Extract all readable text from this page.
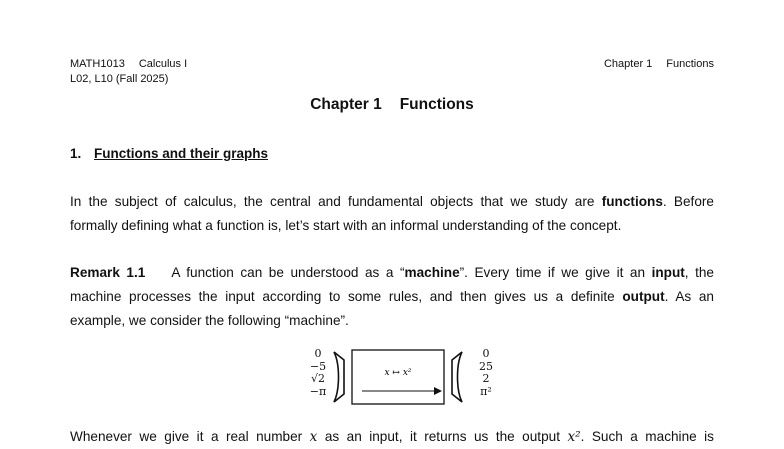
MATH1013 Calculus I
L02, L10 (Fall 2025)
Chapter 1 Functions
Chapter 1 Functions
1. Functions and their graphs
In the subject of calculus, the central and fundamental objects that we study are functions. Before
formally defining what a function is, let’s start with an informal understanding of the concept.
Remark 1.1 A function can be understood as a “machine”. Every time if we give it an input, the
machine processes the input according to some rules, and then gives us a definite output. As an
example, we consider the following “machine”.
0
−5
√2
−π
x ↦ x²
0
25
2
π²
Whenever we give it a real number x as an input, it returns us the output x². Such a machine is
